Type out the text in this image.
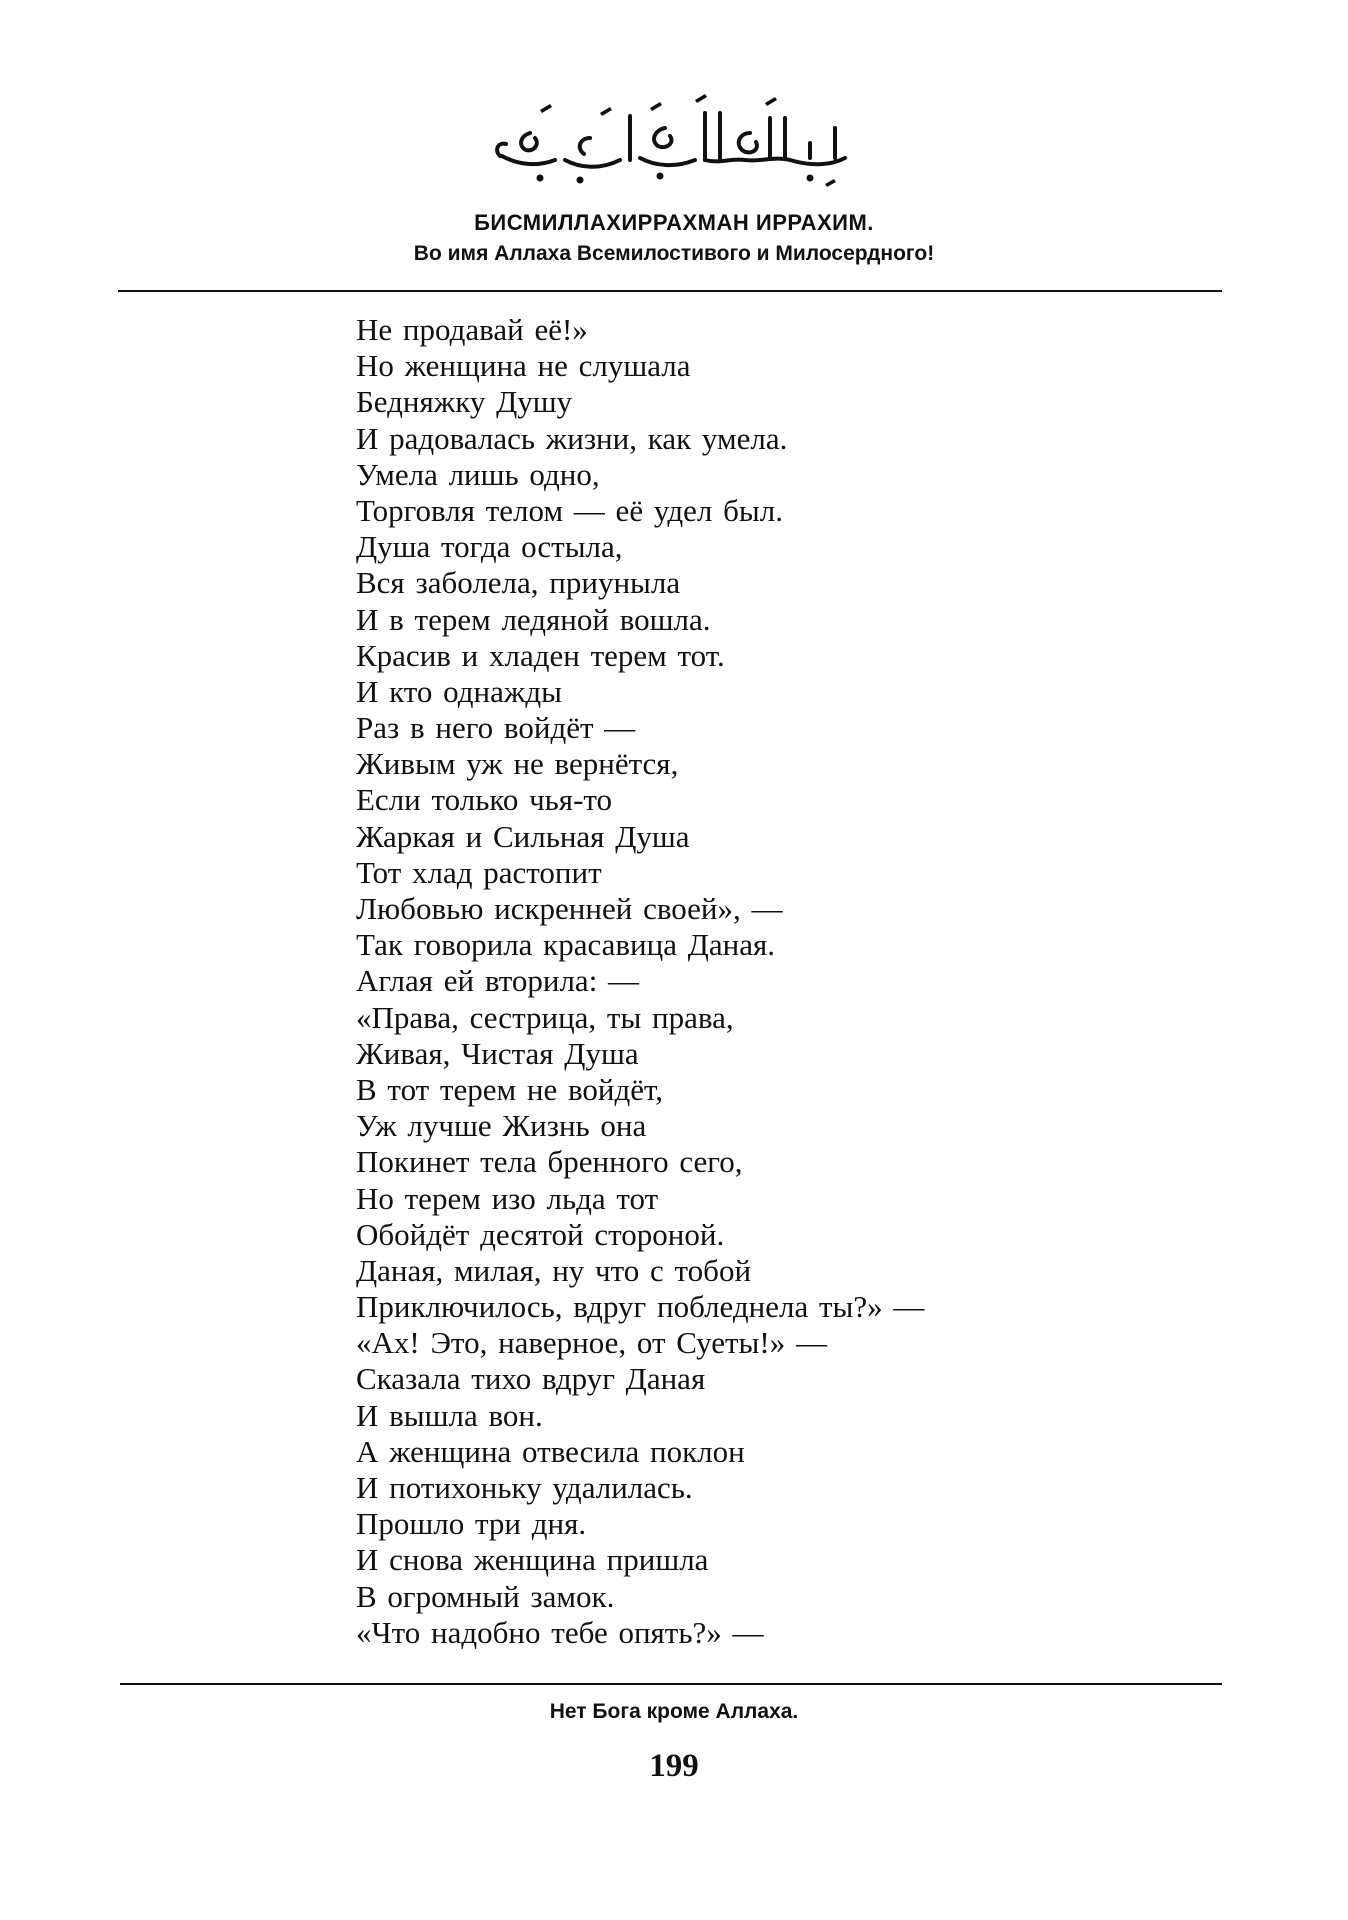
БИСМИЛЛАХИРРАХМАН ИРРАХИМ.
Во имя Аллаха Всемилостивого и Милосердного!
Не продавай её!»
Но женщина не слушала
Бедняжку Душу
И радовалась жизни, как умела.
Умела лишь одно,
Торговля телом — её удел был.
Душа тогда остыла,
Вся заболела, приуныла
И в терем ледяной вошла.
Красив и хладен терем тот.
И кто однажды
Раз в него войдёт —
Живым уж не вернётся,
Если только чья-то
Жаркая и Сильная Душа
Тот хлад растопит
Любовью искренней своей», —
Так говорила красавица Даная.
Аглая ей вторила: —
«Права, сестрица, ты права,
Живая, Чистая Душа
В тот терем не войдёт,
Уж лучше Жизнь она
Покинет тела бренного сего,
Но терем изо льда тот
Обойдёт десятой стороной.
Даная, милая, ну что с тобой
Приключилось, вдруг побледнела ты?» —
«Ах! Это, наверное, от Суеты!» —
Сказала тихо вдруг Даная
И вышла вон.
А женщина отвесила поклон
И потихоньку удалилась.
Прошло три дня.
И снова женщина пришла
В огромный замок.
«Что надобно тебе опять?» —
Нет Бога кроме Аллаха.
199
